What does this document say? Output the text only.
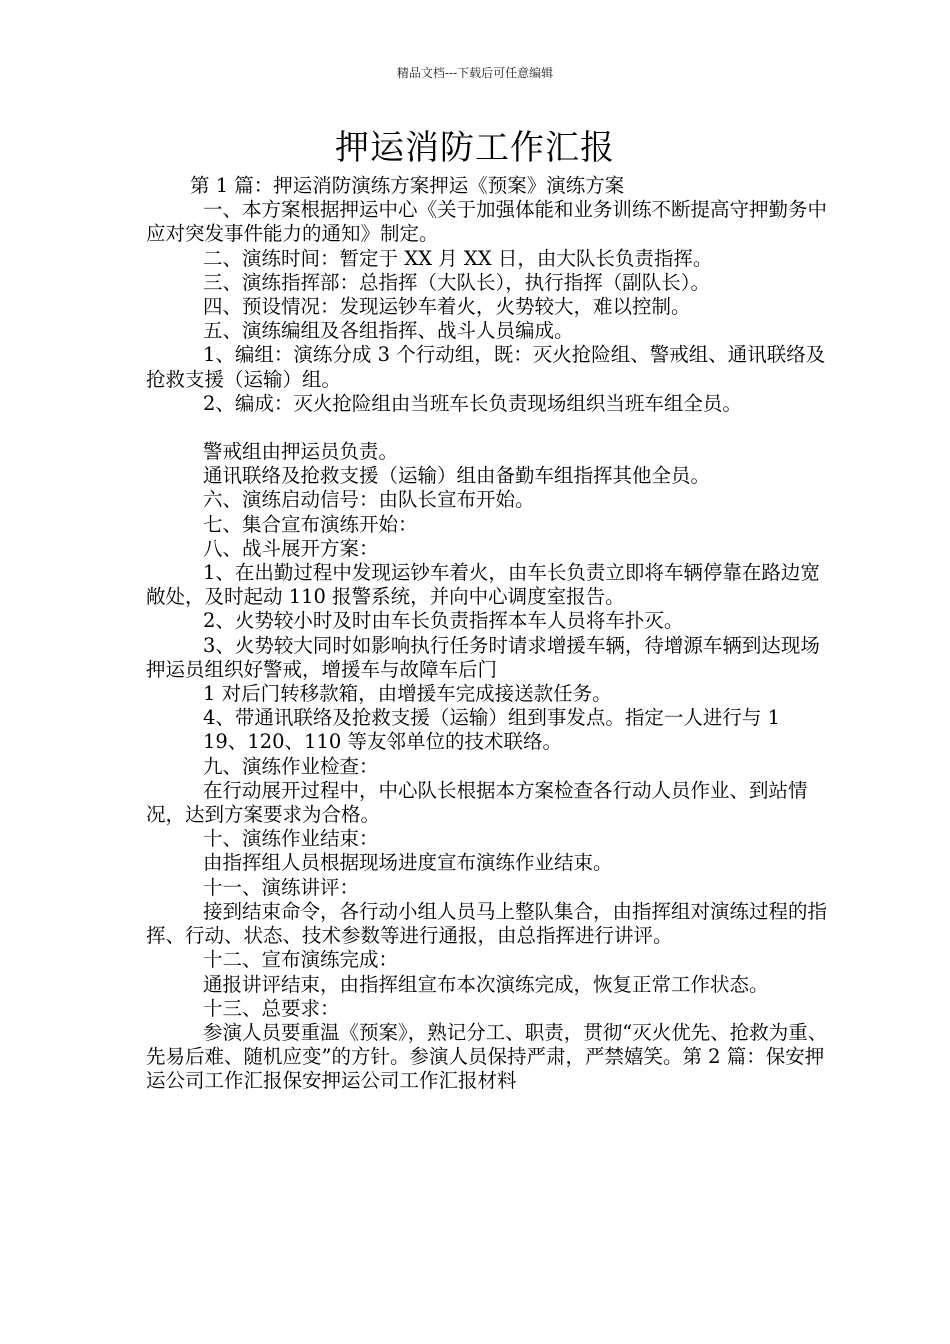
精品文档---下载后可任意编辑
押运消防工作汇报

第 1 篇：押运消防演练方案押运《预案》演练方案

一、本方案根据押运中心《关于加强体能和业务训练不断提高守押勤务中应对突发事件能力的通知》制定。

二、演练时间：暂定于 XX 月 XX 日，由大队长负责指挥。

三、演练指挥部：总指挥（大队长），执行指挥（副队长）。

四、预设情况：发现运钞车着火，火势较大，难以控制。

五、演练编组及各组指挥、战斗人员编成。

1、编组：演练分成 3 个行动组，既：灭火抢险组、警戒组、通讯联络及抢救支援（运输）组。

2、编成：灭火抢险组由当班车长负责现场组织当班车组全员。

警戒组由押运员负责。

通讯联络及抢救支援（运输）组由备勤车组指挥其他全员。

六、演练启动信号：由队长宣布开始。

七、集合宣布演练开始：

八、战斗展开方案：

1、在出勤过程中发现运钞车着火，由车长负责立即将车辆停靠在路边宽敞处，及时起动 110 报警系统，并向中心调度室报告。

2、火势较小时及时由车长负责指挥本车人员将车扑灭。

3、火势较大同时如影响执行任务时请求增援车辆，待增源车辆到达现场押运员组织好警戒，增援车与故障车后门

1 对后门转移款箱，由增援车完成接送款任务。

4、带通讯联络及抢救支援（运输）组到事发点。指定一人进行与 1

19、120、110 等友邻单位的技术联络。

九、演练作业检查：

在行动展开过程中，中心队长根据本方案检查各行动人员作业、到站情况，达到方案要求为合格。

十、演练作业结束：

由指挥组人员根据现场进度宣布演练作业结束。

十一、演练讲评：

接到结束命令，各行动小组人员马上整队集合，由指挥组对演练过程的指挥、行动、状态、技术参数等进行通报，由总指挥进行讲评。

十二、宣布演练完成：

通报讲评结束，由指挥组宣布本次演练完成，恢复正常工作状态。

十三、总要求：

参演人员要重温《预案》，熟记分工、职责，贯彻“灭火优先、抢救为重、先易后难、随机应变”的方针。参演人员保持严肃，严禁嬉笑。第 2 篇：保安押运公司工作汇报保安押运公司工作汇报材料
